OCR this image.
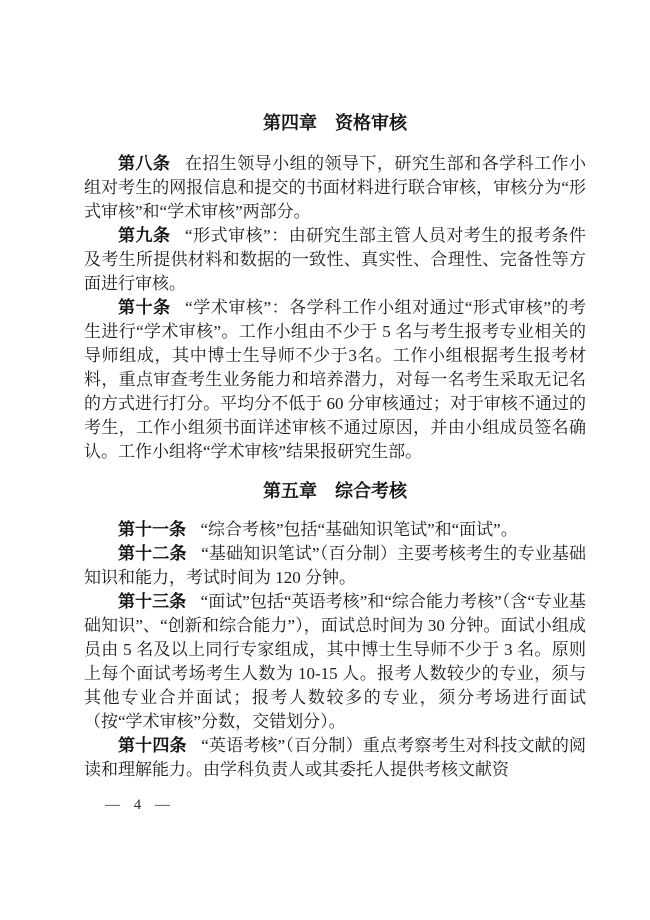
第四章　资格审核

第八条 在招生领导小组的领导下，研究生部和各学科工作小组对考生的网报信息和提交的书面材料进行联合审核，审核分为“形式审核”和“学术审核”两部分。

第九条 “形式审核”：由研究生部主管人员对考生的报考条件及考生所提供材料和数据的一致性、真实性、合理性、完备性等方面进行审核。

第十条 “学术审核”：各学科工作小组对通过“形式审核”的考生进行“学术审核”。工作小组由不少于 5 名与考生报考专业相关的导师组成，其中博士生导师不少于3名。工作小组根据考生报考材料，重点审查考生业务能力和培养潜力，对每一名考生采取无记名的方式进行打分。平均分不低于 60 分审核通过；对于审核不通过的考生，工作小组须书面详述审核不通过原因，并由小组成员签名确认。工作小组将“学术审核”结果报研究生部。

第五章　综合考核

第十一条 “综合考核”包括“基础知识笔试”和“面试”。

第十二条 “基础知识笔试”（百分制）主要考核考生的专业基础知识和能力，考试时间为 120 分钟。

第十三条 “面试”包括“英语考核”和“综合能力考核”（含“专业基础知识”、“创新和综合能力”），面试总时间为 30 分钟。面试小组成员由 5 名及以上同行专家组成，其中博士生导师不少于 3 名。原则上每个面试考场考生人数为 10-15 人。报考人数较少的专业，须与其他专业合并面试；报考人数较多的专业，须分考场进行面试（按“学术审核”分数，交错划分）。

第十四条 “英语考核”（百分制）重点考察考生对科技文献的阅读和理解能力。由学科负责人或其委托人提供考核文献资

— 4 —
